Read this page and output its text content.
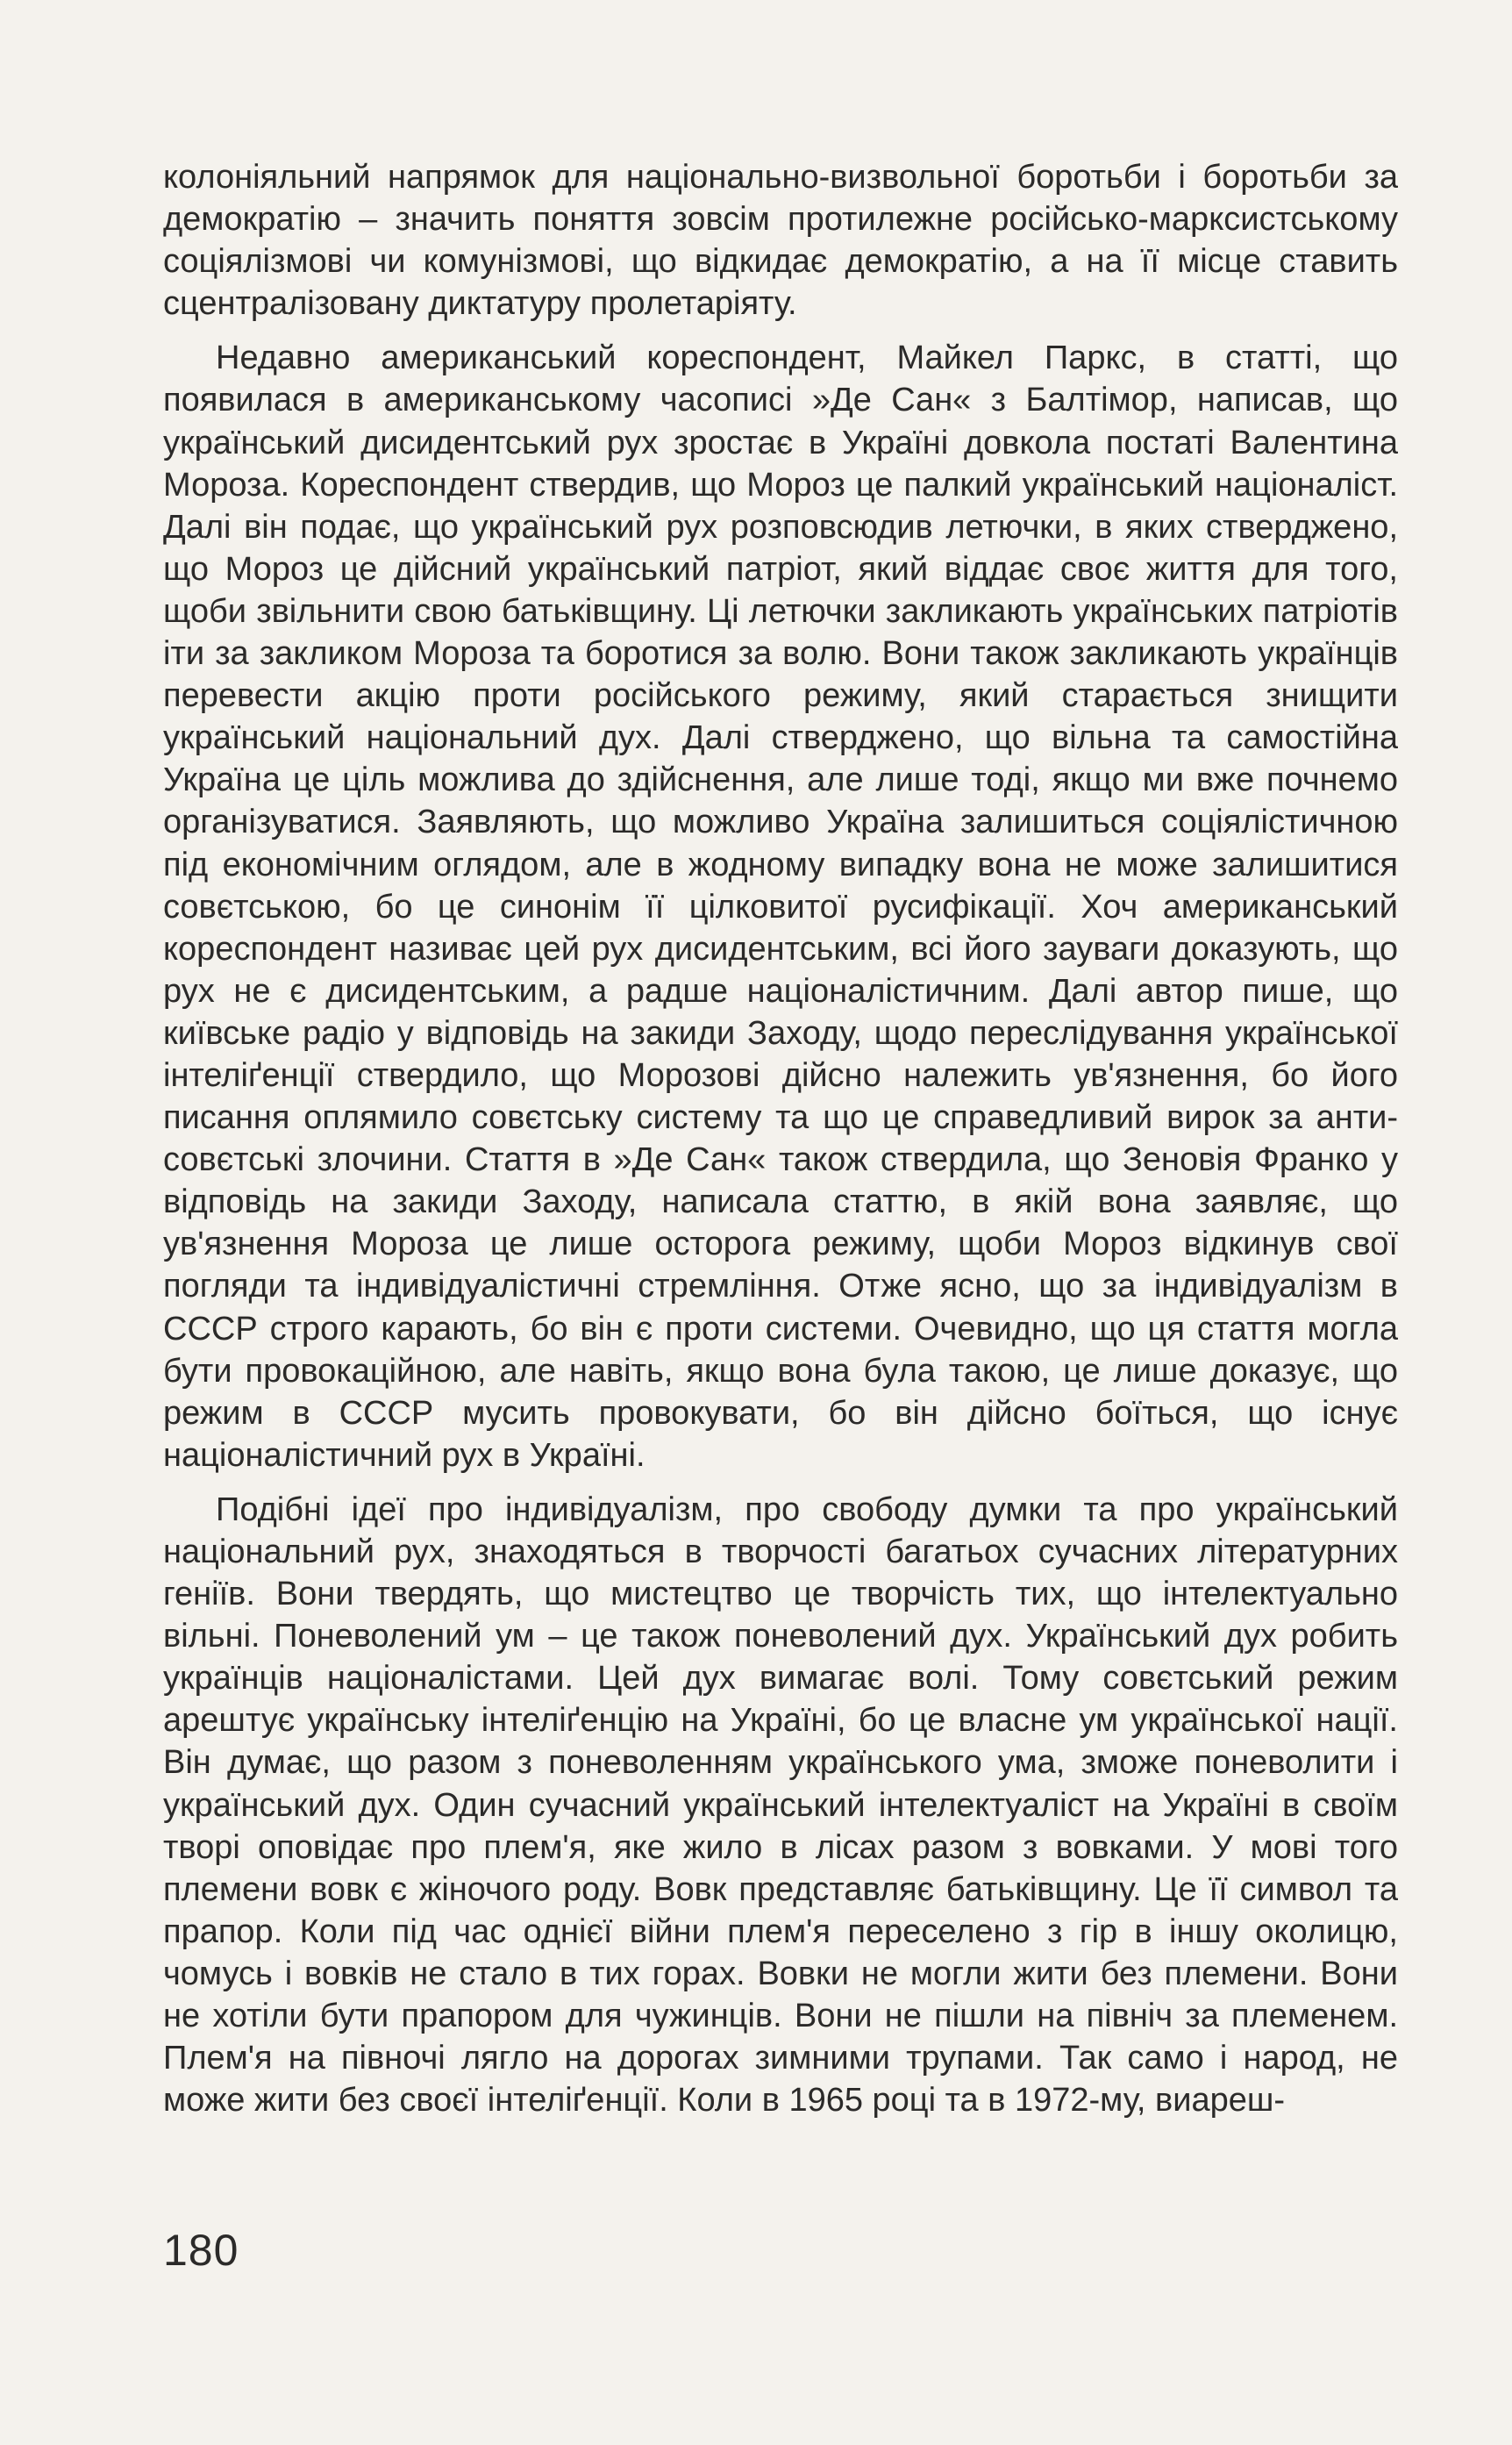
колоніяльний напрямок для національно-визвольної боротьби і боротьби за демократію – значить поняття зовсім протилежне російсько-марксистському соціялізмові чи комунізмові, що відкидає демократію, а на її місце ставить сцентралізовану диктатуру пролетаріяту.

Недавно американський кореспондент, Майкел Паркс, в статті, що появилася в американському часописі »Де Сан« з Балтімор, написав, що український дисидентський рух зростає в Україні довкола постаті Валентина Мороза. Кореспондент ствердив, що Мороз це палкий український націоналіст. Далі він подає, що український рух розповсюдив летючки, в яких стверджено, що Мороз це дійсний український патріот, який віддає своє життя для того, щоби звільнити свою батьківщину. Ці летючки закликають українських патріотів іти за закликом Мороза та боротися за волю. Вони також закликають українців перевести акцію проти російського режиму, який старається знищити український національний дух. Далі стверджено, що вільна та самостійна Україна це ціль можлива до здійснення, але лише тоді, якщо ми вже почнемо організуватися. Заявляють, що можливо Україна залишиться соціялістичною під економічним оглядом, але в жодному випадку вона не може залишитися совєтською, бо це синонім її цілковитої русифікації. Хоч американський кореспондент називає цей рух дисидентським, всі його зауваги доказують, що рух не є дисидентським, а радше націоналістичним. Далі автор пише, що київське радіо у відповідь на закиди Заходу, щодо переслідування української інтеліґенції ствердило, що Морозові дійсно належить ув'язнення, бо його писання оплямило совєтську систему та що це справедливий вирок за анти-совєтські злочини. Стаття в »Де Сан« також ствердила, що Зеновія Франко у відповідь на закиди Заходу, написала статтю, в якій вона заявляє, що ув'язнення Мороза це лише осторога режиму, щоби Мороз відкинув свої погляди та індивідуалістичні стремління. Отже ясно, що за індивідуалізм в СССР строго карають, бо він є проти системи. Очевидно, що ця стаття могла бути провокаційною, але навіть, якщо вона була такою, це лише доказує, що режим в СССР мусить провокувати, бо він дійсно боїться, що існує націоналістичний рух в Україні.

Подібні ідеї про індивідуалізм, про свободу думки та про український національний рух, знаходяться в творчості багатьох сучасних літературних геніїв. Вони твердять, що мистецтво це творчість тих, що інтелектуально вільні. Поневолений ум – це також поневолений дух. Український дух робить українців націоналістами. Цей дух вимагає волі. Тому совєтський режим арештує українську інтеліґенцію на Україні, бо це власне ум української нації. Він думає, що разом з поневоленням українського ума, зможе поневолити і український дух. Один сучасний український інтелектуаліст на Україні в своїм творі оповідає про плем'я, яке жило в лісах разом з вовками. У мові того племени вовк є жіночого роду. Вовк представляє батьківщину. Це її символ та прапор. Коли під час однієї війни плем'я переселено з гір в іншу околицю, чомусь і вовків не стало в тих горах. Вовки не могли жити без племени. Вони не хотіли бути прапором для чужинців. Вони не пішли на північ за племенем. Плем'я на півночі лягло на дорогах зимними трупами. Так само і народ, не може жити без своєї інтеліґенції. Коли в 1965 році та в 1972-му, виареш-

180
